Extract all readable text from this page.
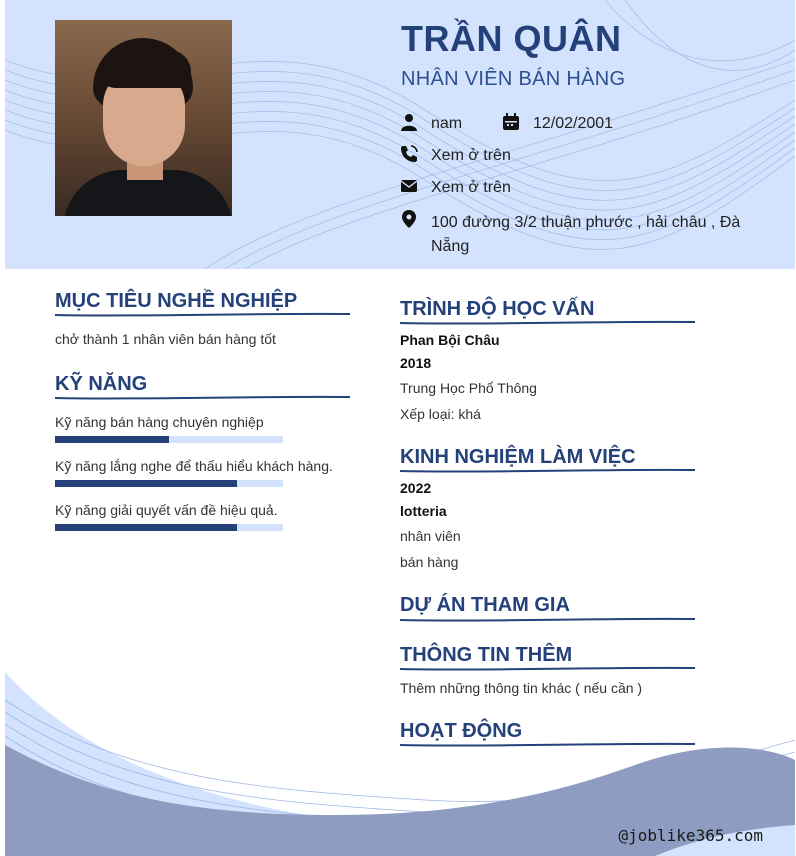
TRẦN QUÂN
NHÂN VIÊN BÁN HÀNG
nam	12/02/2001
Xem ở trên
Xem ở trên
100 đường 3/2 thuận phước , hải châu , Đà Nẵng
MỤC TIÊU NGHỀ NGHIỆP
chở thành 1 nhân viên bán hàng tốt
KỸ NĂNG
Kỹ năng bán hàng chuyên nghiệp
Kỹ năng lắng nghe để thấu hiểu khách hàng.
Kỹ năng giải quyết vấn đề hiệu quả.
TRÌNH ĐỘ HỌC VẤN
Phan Bội Châu
2018
Trung Học Phổ Thông
Xếp loại: khá
KINH NGHIỆM LÀM VIỆC
2022
lotteria
nhân viên
bán hàng
DỰ ÁN THAM GIA
THÔNG TIN THÊM
Thêm những thông tin khác ( nếu cần )
HOẠT ĐỘNG
@joblike365.com
